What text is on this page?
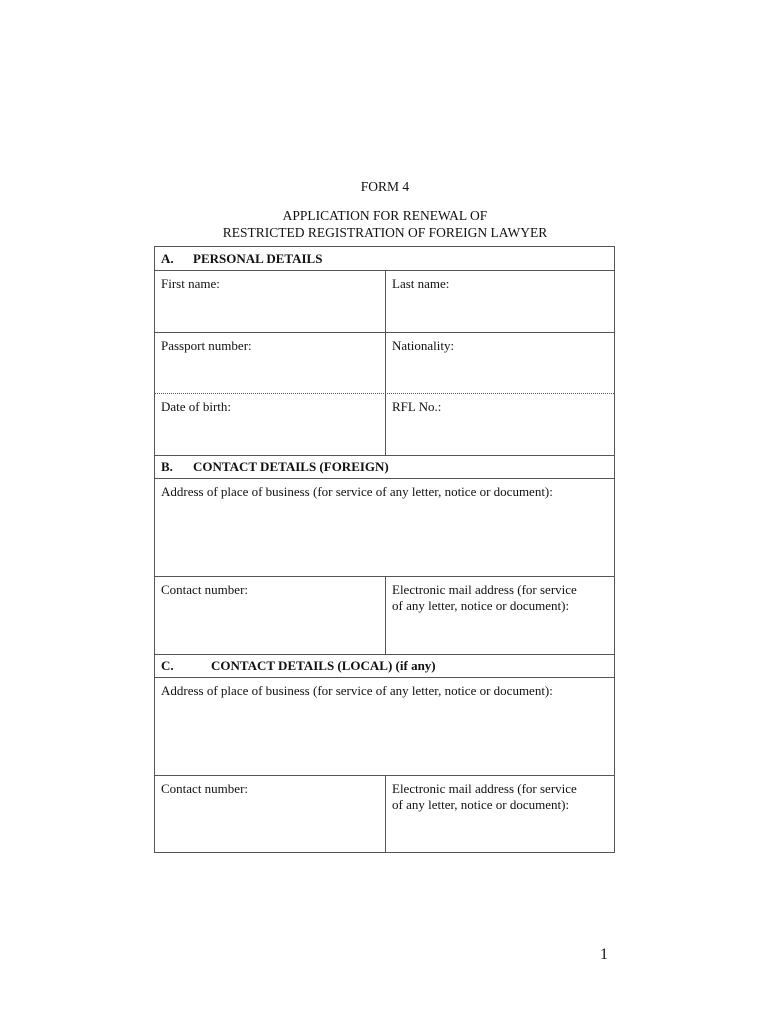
FORM 4
APPLICATION FOR RENEWAL OF
RESTRICTED REGISTRATION OF FOREIGN LAWYER
A. PERSONAL DETAILS
First name:	Last name:
Passport number:	Nationality:
Date of birth:	RFL No.:
B. CONTACT DETAILS (FOREIGN)
Address of place of business (for service of any letter, notice or document):
Contact number:	Electronic mail address (for service
of any letter, notice or document):
C.	CONTACT DETAILS (LOCAL) (if any)
Address of place of business (for service of any letter, notice or document):
Contact number:	Electronic mail address (for service
of any letter, notice or document):
1
